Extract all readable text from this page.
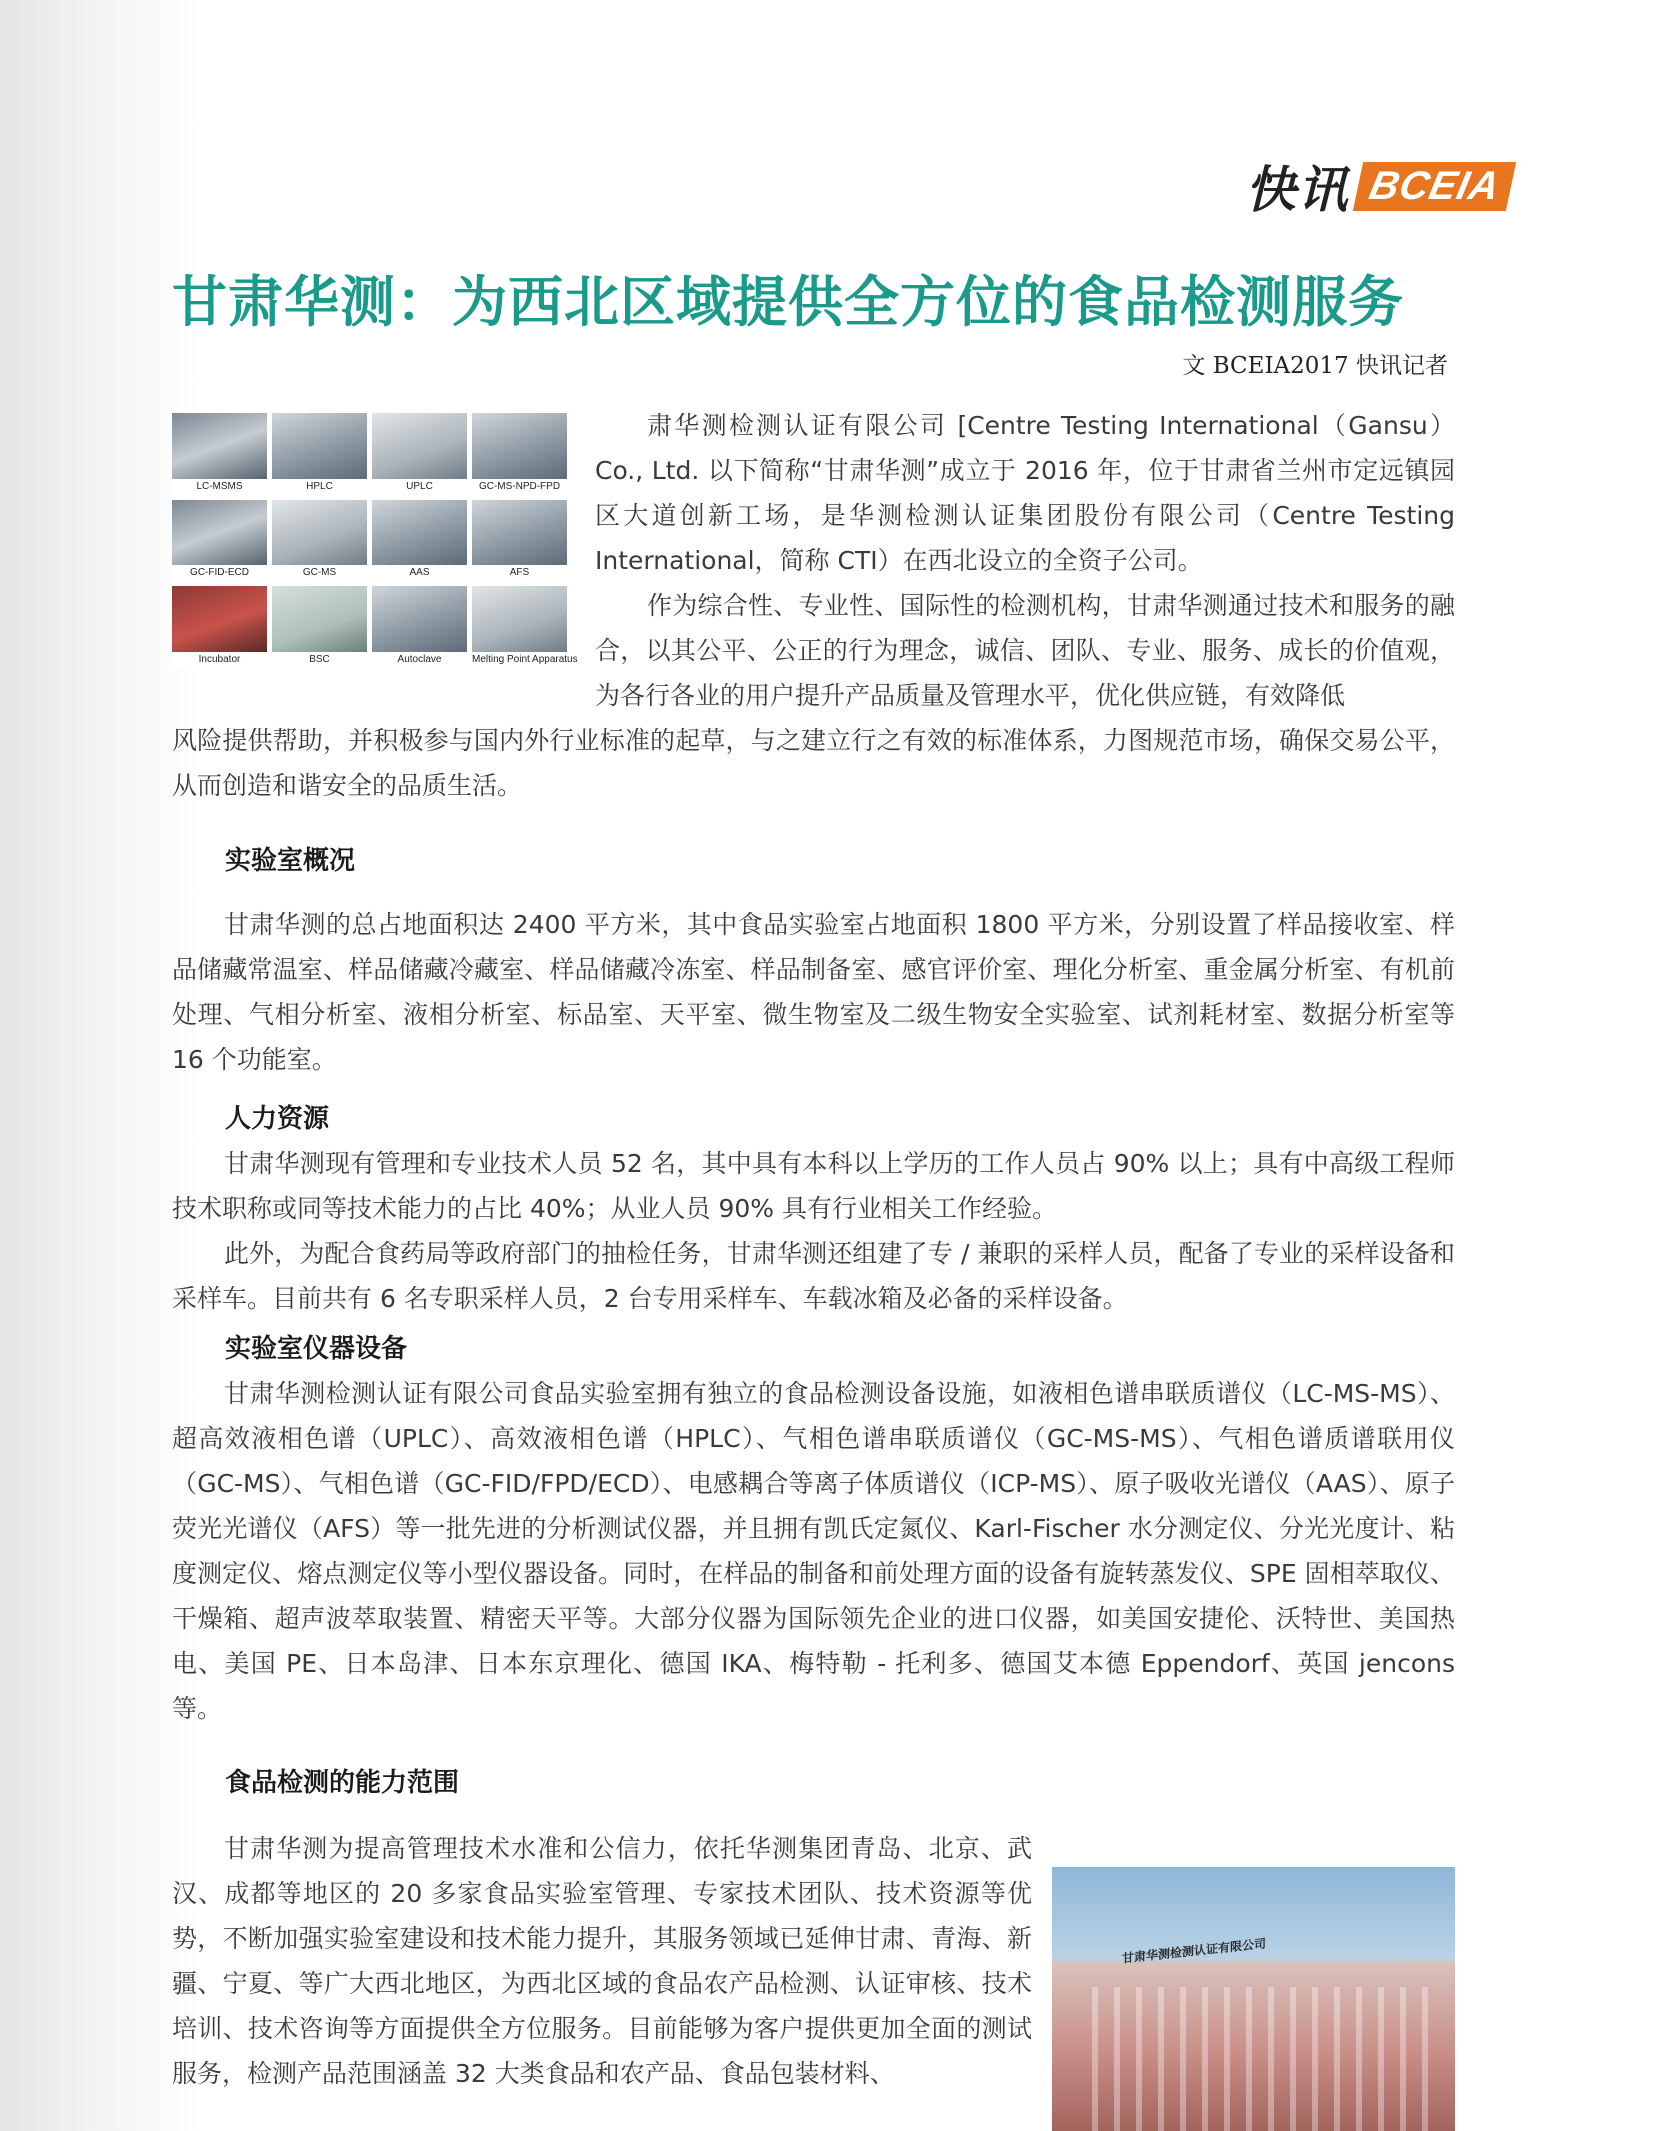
快讯 BCEIA
甘肃华测：为西北区域提供全方位的食品检测服务
文 BCEIA2017 快讯记者
LC-MSMS	HPLC	UPLC	GC-MS-NPD-FPD
GC-FID-ECD	GC-MS	AAS	AFS
Incubator	BSC	Autoclave	Melting Point Apparatus

肃华测检测认证有限公司 [Centre Testing International（Gansu）Co., Ltd. 以下简称“甘肃华测”成立于 2016 年，位于甘肃省兰州市定远镇园区大道创新工场，是华测检测认证集团股份有限公司（Centre Testing International，简称 CTI）在西北设立的全资子公司。

作为综合性、专业性、国际性的检测机构，甘肃华测通过技术和服务的融合，以其公平、公正的行为理念，诚信、团队、专业、服务、成长的价值观，为各行各业的用户提升产品质量及管理水平，优化供应链，有效降低

风险提供帮助，并积极参与国内外行业标准的起草，与之建立行之有效的标准体系，力图规范市场，确保交易公平，从而创造和谐安全的品质生活。

实验室概况

甘肃华测的总占地面积达 2400 平方米，其中食品实验室占地面积 1800 平方米，分别设置了样品接收室、样品储藏常温室、样品储藏冷藏室、样品储藏冷冻室、样品制备室、感官评价室、理化分析室、重金属分析室、有机前处理、气相分析室、液相分析室、标品室、天平室、微生物室及二级生物安全实验室、试剂耗材室、数据分析室等 16 个功能室。

人力资源

甘肃华测现有管理和专业技术人员 52 名，其中具有本科以上学历的工作人员占 90% 以上；具有中高级工程师技术职称或同等技术能力的占比 40%；从业人员 90% 具有行业相关工作经验。

此外，为配合食药局等政府部门的抽检任务，甘肃华测还组建了专 / 兼职的采样人员，配备了专业的采样设备和采样车。目前共有 6 名专职采样人员，2 台专用采样车、车载冰箱及必备的采样设备。

实验室仪器设备

甘肃华测检测认证有限公司食品实验室拥有独立的食品检测设备设施，如液相色谱串联质谱仪（LC-MS-MS）、超高效液相色谱（UPLC）、高效液相色谱（HPLC）、气相色谱串联质谱仪（GC-MS-MS）、气相色谱质谱联用仪（GC-MS）、气相色谱（GC-FID/FPD/ECD）、电感耦合等离子体质谱仪（ICP-MS）、原子吸收光谱仪（AAS）、原子荧光光谱仪（AFS）等一批先进的分析测试仪器，并且拥有凯氏定氮仪、Karl-Fischer 水分测定仪、分光光度计、粘度测定仪、熔点测定仪等小型仪器设备。同时，在样品的制备和前处理方面的设备有旋转蒸发仪、SPE 固相萃取仪、干燥箱、超声波萃取装置、精密天平等。大部分仪器为国际领先企业的进口仪器，如美国安捷伦、沃特世、美国热电、美国 PE、日本岛津、日本东京理化、德国 IKA、梅特勒 - 托利多、德国艾本德 Eppendorf、英国 jencons 等。

食品检测的能力范围

甘肃华测为提高管理技术水准和公信力，依托华测集团青岛、北京、武汉、成都等地区的 20 多家食品实验室管理、专家技术团队、技术资源等优势，不断加强实验室建设和技术能力提升，其服务领域已延伸甘肃、青海、新疆、宁夏、等广大西北地区，为西北区域的食品农产品检测、认证审核、技术培训、技术咨询等方面提供全方位服务。目前能够为客户提供更加全面的测试服务，检测产品范围涵盖 32 大类食品和农产品、食品包装材料、

甘肃华测检测认证有限公司
